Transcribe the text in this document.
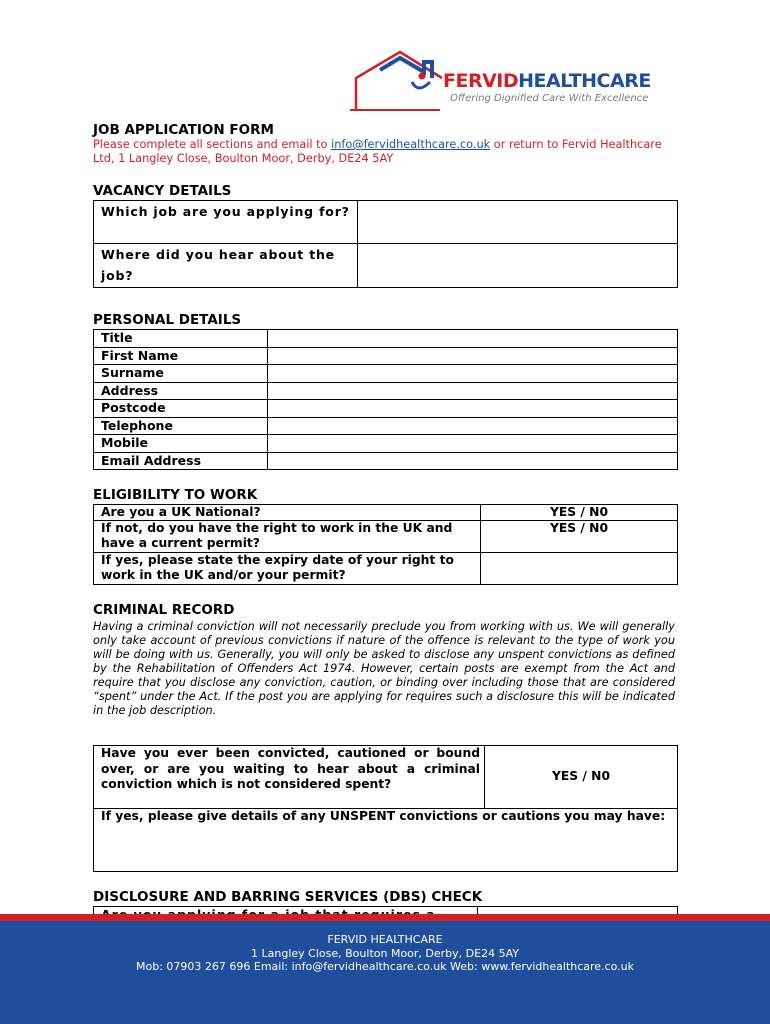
FERVIDHEALTHCARE
Offering Dignified Care With Excellence
JOB APPLICATION FORM
Please complete all sections and email to info@fervidhealthcare.co.uk or return to Fervid Healthcare Ltd, 1 Langley Close, Boulton Moor, Derby, DE24 5AY
VACANCY DETAILS
Which job are you applying for?	
Where did you hear about the job?	
PERSONAL DETAILS
Title	
First Name	
Surname	
Address	
Postcode	
Telephone	
Mobile	
Email Address	
ELIGIBILITY TO WORK
Are you a UK National?	YES / N0
If not, do you have the right to work in the UK and have a current permit?	YES / N0
If yes, please state the expiry date of your right to work in the UK and/or your permit?	
CRIMINAL RECORD
Having a criminal conviction will not necessarily preclude you from working with us. We will generally only take account of previous convictions if nature of the offence is relevant to the type of work you will be doing with us. Generally, you will only be asked to disclose any unspent convictions as defined by the Rehabilitation of Offenders Act 1974. However, certain posts are exempt from the Act and require that you disclose any conviction, caution, or binding over including those that are considered “spent” under the Act. If the post you are applying for requires such a disclosure this will be indicated in the job description.
Have you ever been convicted, cautioned or bound over, or are you waiting to hear about a criminal conviction which is not considered spent?	YES / N0
If yes, please give details of any UNSPENT convictions or cautions you may have:
DISCLOSURE AND BARRING SERVICES (DBS) CHECK

FERVID HEALTHCARE
1 Langley Close, Boulton Moor, Derby, DE24 5AY
Mob: 07903 267 696 Email: info@fervidhealthcare.co.uk Web: www.fervidhealthcare.co.uk
